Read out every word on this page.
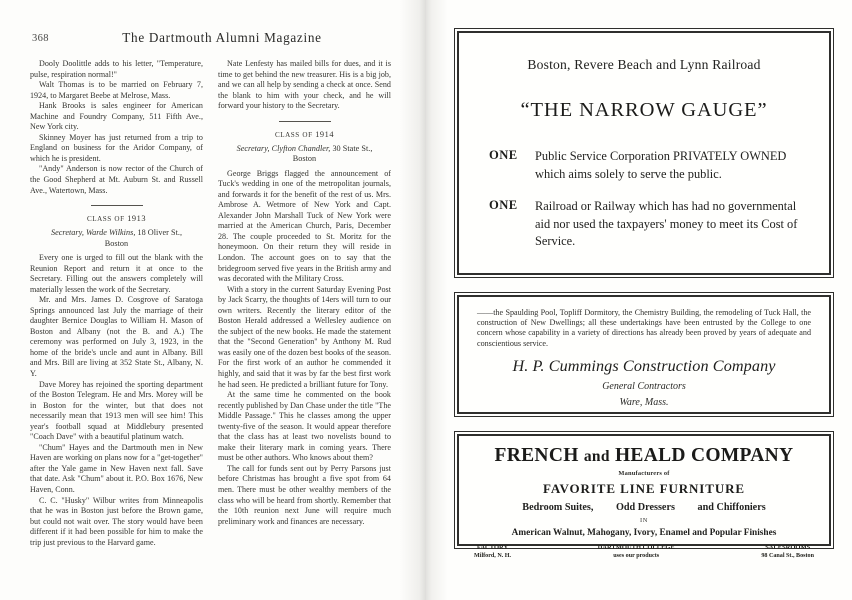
368	The Dartmouth Alumni Magazine

Dooly Doolittle adds to his letter, "Temperature, pulse, respiration normal!"

Walt Thomas is to be married on February 7, 1924, to Margaret Beebe at Melrose, Mass.

Hank Brooks is sales engineer for American Machine and Foundry Company, 511 Fifth Ave., New York city.

Skinney Moyer has just returned from a trip to England on business for the Aridor Company, of which he is president.

"Andy" Anderson is now rector of the Church of the Good Shepherd at Mt. Auburn St. and Russell Ave., Watertown, Mass.

CLASS OF 1913
Secretary, Warde Wilkins, 18 Oliver St.,
Boston

Every one is urged to fill out the blank with the Reunion Report and return it at once to the Secretary. Filling out the answers completely will materially lessen the work of the Secretary.

Mr. and Mrs. James D. Cosgrove of Saratoga Springs announced last July the marriage of their daughter Bernice Douglas to William H. Mason of Boston and Albany (not the B. and A.) The ceremony was performed on July 3, 1923, in the home of the bride's uncle and aunt in Albany. Bill and Mrs. Bill are living at 352 State St., Albany, N. Y.

Dave Morey has rejoined the sporting department of the Boston Telegram. He and Mrs. Morey will be in Boston for the winter, but that does not necessarily mean that 1913 men will see him! This year's football squad at Middlebury presented "Coach Dave" with a beautiful platinum watch.

"Chum" Hayes and the Dartmouth men in New Haven are working on plans now for a "get-together" after the Yale game in New Haven next fall. Save that date. Ask "Chum" about it. P.O. Box 1676, New Haven, Conn.

C. C. "Husky" Wilbur writes from Minneapolis that he was in Boston just before the Brown game, but could not wait over. The story would have been different if it had been possible for him to make the trip just previous to the Harvard game.

Nate Lenfesty has mailed bills for dues, and it is time to get behind the new treasurer. His is a big job, and we can all help by sending a check at once. Send the blank to him with your check, and he will forward your history to the Secretary.

CLASS OF 1914
Secretary, Clyfton Chandler, 30 State St.,
Boston

George Briggs flagged the announcement of Tuck's wedding in one of the metropolitan journals, and forwards it for the benefit of the rest of us. Mrs. Ambrose A. Wetmore of New York and Capt. Alexander John Marshall Tuck of New York were married at the American Church, Paris, December 28. The couple proceeded to St. Moritz for the honeymoon. On their return they will reside in London. The account goes on to say that the bridegroom served five years in the British army and was decorated with the Military Cross.

With a story in the current Saturday Evening Post by Jack Scarry, the thoughts of 14ers will turn to our own writers. Recently the literary editor of the Boston Herald addressed a Wellesley audience on the subject of the new books. He made the statement that the "Second Generation" by Anthony M. Rud was easily one of the dozen best books of the season. For the first work of an author he commended it highly, and said that it was by far the best first work he had seen. He predicted a brilliant future for Tony.

At the same time he commented on the book recently published by Dan Chase under the title "The Middle Passage." This he classes among the upper twenty-five of the season. It would appear therefore that the class has at least two novelists bound to make their literary mark in coming years. There must be other authors. Who knows about them?

The call for funds sent out by Perry Parsons just before Christmas has brought a five spot from 64 men. There must be other wealthy members of the class who will be heard from shortly. Remember that the 10th reunion next June will require much preliminary work and finances are necessary.

Boston, Revere Beach and Lynn Railroad
“THE NARROW GAUGE”
ONE	Public Service Corporation PRIVATELY OWNED which aims solely to serve the public.
ONE	Railroad or Railway which has had no governmental aid nor used the taxpayers' money to meet its Cost of Service.
——the Spaulding Pool, Topliff Dormitory, the Chemistry Building, the remodeling of Tuck Hall, the construction of New Dwellings; all these undertakings have been entrusted by the College to one concern whose capability in a variety of directions has already been proved by years of adequate and conscientious service.
H. P. Cummings Construction Company
General Contractors
Ware, Mass.
FRENCH and HEALD COMPANY
Manufacturers of
FAVORITE LINE FURNITURE
Bedroom Suites, Odd Dressers and Chiffoniers
IN
American Walnut, Mahogany, Ivory, Enamel and Popular Finishes
FACTORY
Milford, N. H.
DARTMOUTH COLLEGE
uses our products
SALESROOMS
98 Canal St., Boston
